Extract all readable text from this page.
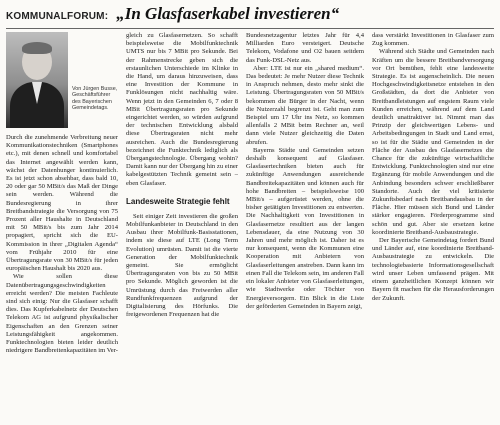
KOMMUNALFORUM: „In Glasfaserkabel investieren“
Von Jürgen Busse, Geschäftsführer des Bayerischen Gemeindetags.

Durch die zunehmende Verbreitung neuer Kommunikationstechniken (Smartphones etc.), mit denen schnell und komfortabel das Internet angewählt werden kann, wächst der Datenhunger kontinuierlich. Es ist jetzt schon absehbar, dass bald 10, 20 oder gar 50 MBit/s das Maß der Dinge sein werden. Während die Bundesregierung in ihrer Breitbandstrategie die Versorgung von 75 Prozent aller Haushalte in Deutschland mit 50 MBit/s bis zum Jahr 2014 propagiert, spricht sich die EU-Kommission in ihrer „Digitalen Agenda“ vom Frühjahr 2010 für eine Übertragungsrate von 30 MBit/s für jeden europäischen Haushalt bis 2020 aus.

Wie sollen diese Datenübertragungsgeschwindigkeiten erreicht werden? Die meisten Fachleute sind sich einig: Nur die Glasfaser schafft dies. Das Kupferkabelnetz der Deutschen Telekom AG ist aufgrund physikalischer Eigenschaften an den Grenzen seiner Leistungsfähigkeit angekommen. Funktechnologien bieten leider deutlich niedrigere Bandbreitenkapazitäten im Ver-

gleich zu Glasfasernetzen. So schafft beispielsweise die Mobilfunktechnik UMTS nur bis 7 MBit pro Sekunde. Bei der Rahmenstrecke geben sich die erstaunlichen Unterschiede im Klinke in die Hand, um daraus hinzuweisen, dass eine Investition der Kommune in Funklösungen nicht nachhaltig wäre. Wenn jetzt in den Gemeinden 6, 7 oder 8 MBit Übertragungsraten pro Sekunde eingerichtet werden, so würden aufgrund der technischen Entwicklung alsbald diese Übertragsraten nicht mehr ausreichen. Auch die Bundesregierung bezeichnet die Funktechnik lediglich als Übergangstechnologie. Übergang wohin? Damit kann nur der Übergang hin zu einer kabelgestützten Technik gemeint sein – eben Glasfaser.

Landesweite Strategie fehlt

Seit einiger Zeit investieren die großen Mobilfunkanbieter in Deutschland in den Ausbau ihrer Mobilfunk-Basisstationen, indem sie diese auf LTE (Long Term Evolution) umrüsten. Damit ist die vierte Generation der Mobilfunktechnik gemeint. Sie ermöglicht Übertragungsraten von bis zu 50 MBit pro Sekunde. Möglich geworden ist die Umrüstung durch das Freiwerden aller Rundfunkfrequenzen aufgrund der Digitalisierung des Hörfunks. Die freigewordenen Frequenzen hat die

Bundesnetzagentur letztes Jahr für 4,4 Milliarden Euro versteigert. Deutsche Telekom, Vodafone und O2 bauen seitdem das Funk-DSL-Netz aus.

Aber: LTE ist nur ein „shared medium“. Das bedeutet: Je mehr Nutzer diese Technik in Anspruch nehmen, desto mehr sinkt die Leistung. Übertragungsraten von 50 MBit/s bekommen die Bürger in der Nacht, wenn die Nutzerzahl begrenzt ist. Geht man zum Beispiel um 17 Uhr ins Netz, so kommen allenfalls 2 MBit beim Rechner an, weil dann viele Nutzer gleichzeitig die Daten abrufen.

Bayerns Städte und Gemeinden setzen deshalb konsequent auf Glasfaser. Glasfasertechniken bieten auch für zukünftige Anwendungen ausreichende Bandbreitekapazitäten und können auch für hohe Bandbreiten – beispielsweise 100 MBit/s – aufgerüstet werden, ohne die bisher getätigten Investitionen zu entwerten. Die Nachhaltigkeit von Investitionen in Glasfasernetze resultiert aus der langen Lebensdauer, da eine Nutzung von 30 Jahren und mehr möglich ist. Daher ist es nur konsequent, wenn die Kommunen eine Kooperation mit Anbietern von Glasfaserleitungen anstreben. Dann kann im einen Fall die Telekom sein, im anderen Fall ein lokaler Anbieter von Glasfaserleitungen, wie Stadtwerke oder Töchter von Energieversorgern. Ein Blick in die Liste der geförderten Gemeinden in Bayern zeigt,

dass verstärkt Investitionen in Glasfaser zum Zug kommen.

Während sich Städte und Gemeinden nach Kräften um die bessere Breitbandversorgung vor Ort bemühen, fehlt eine landesweite Strategie. Es ist augenscheinlich. Die neuen Hochgeschwindigkeitsnetze entstehen in den Großstädten, da dort die Anbieter von Breitbandleistungen auf engstem Raum viele Kunden erreichen, während auf dem Land deutlich unattraktiver ist. Nimmt man das Prinzip der gleichwertigen Lebens- und Arbeitsbedingungen in Stadt und Land ernst, so ist für die Städte und Gemeinden in der Fläche der Ausbau des Glasfasernetzes die Chance für die zukünftige wirtschaftliche Entwicklung. Funktechnologien sind nur eine Ergänzung für mobile Anwendungen und die Anbindung besonders schwer erschließbarer Standorte. Auch der viel kritisierte Zukunftsbedarf nach Breitbandausbau in der Fläche. Hier müssen sich Bund und Länder stärker engagieren. Förderprogramme sind schön und gut. Aber sie ersetzen keine koordinierte Breitband-Ausbaustrategie.

Der Bayerische Gemeindetag fordert Bund und Länder auf, eine koordinierte Breitband-Ausbaustrategie zu entwickeln. Die technologiebasierte Informationsgesellschaft wird unser Leben umfassend prägen. Mit einem ganzheitlichen Konzept können wir Bayern fit machen für die Herausforderungen der Zukunft.
